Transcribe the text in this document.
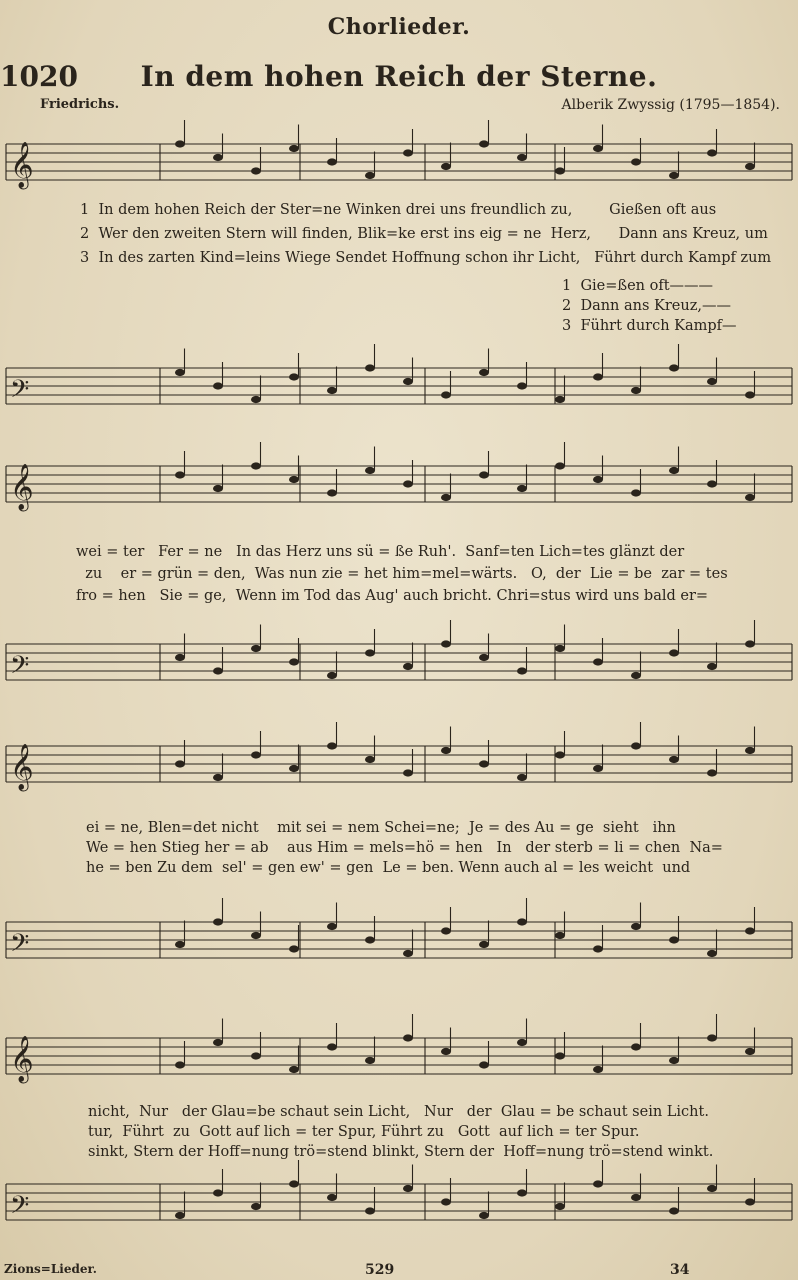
Chorlieder.
1020	In dem hohen Reich der Sterne.
Friedrichs.	Alberik Zwyssig (1795—1854).
𝄞
𝄢
𝄞
𝄢
𝄞
𝄢
𝄞
𝄢
1  In dem hohen Reich der Ster=ne Winken drei uns freundlich zu,        Gießen oft aus
2  Wer den zweiten Stern will finden, Blik=ke erst ins eig = ne  Herz,      Dann ans Kreuz, um
3  In des zarten Kind=leins Wiege Sendet Hoffnung schon ihr Licht,   Führt durch Kampf zum
1  Gie=ßen oft———
2  Dann ans Kreuz,——
3  Führt durch Kampf—
wei = ter   Fer = ne   In das Herz uns sü = ße Ruh'.  Sanf=ten Lich=tes glänzt der
zu    er = grün = den,  Was nun zie = het him=mel=wärts.   O,  der  Lie = be  zar = tes
fro = hen   Sie = ge,  Wenn im Tod das Aug' auch bricht. Chri=stus wird uns bald er=
ei = ne, Blen=det nicht    mit sei = nem Schei=ne;  Je = des Au = ge  sieht   ihn
We = hen Stieg her = ab    aus Him = mels=hö = hen   In   der sterb = li = chen  Na=
he = ben Zu dem  sel' = gen ew' = gen  Le = ben. Wenn auch al = les weicht  und
nicht,  Nur   der Glau=be schaut sein Licht,   Nur   der  Glau = be schaut sein Licht.
tur,  Führt  zu  Gott auf lich = ter Spur, Führt zu   Gott  auf lich = ter Spur.
sinkt, Stern der Hoff=nung trö=stend blinkt, Stern der  Hoff=nung trö=stend winkt.
Zions=Lieder.	529	34
